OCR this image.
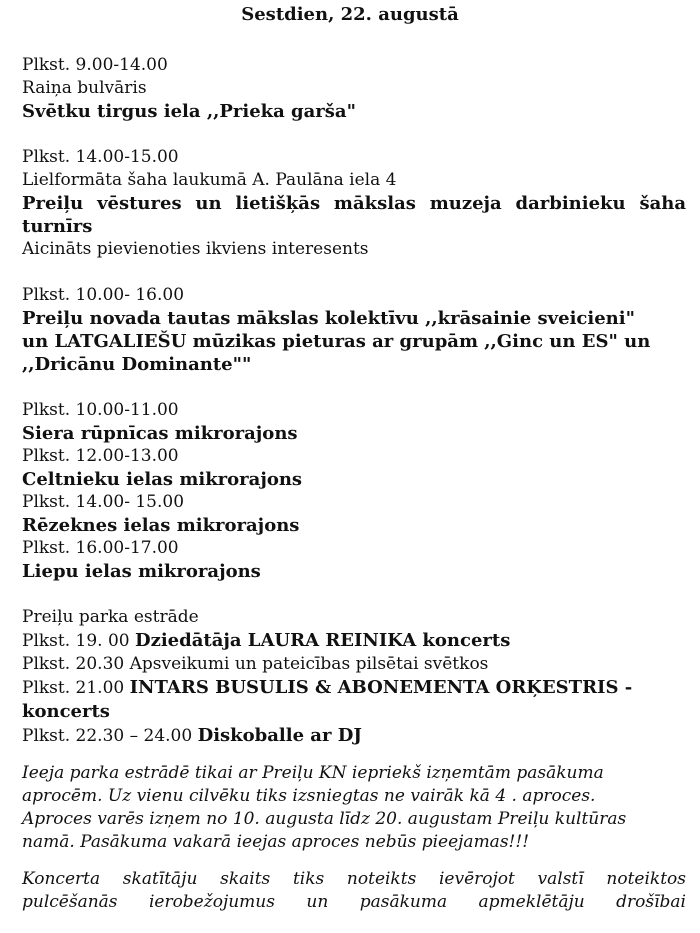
Sestdien, 22. augustā
Plkst. 9.00-14.00
Raiņa bulvāris
Svētku tirgus iela ,,Prieka garša"
Plkst. 14.00-15.00
Lielformāta šaha laukumā A. Paulāna iela 4
Preiļu vēstures un lietišķās mākslas muzeja darbinieku šaha
turnīrs
Aicināts pievienoties ikviens interesents
Plkst. 10.00- 16.00
Preiļu novada tautas mākslas kolektīvu ,,krāsainie sveicieni"
un LATGALIEŠU mūzikas pieturas ar grupām ,,Ginc un ES" un
,,Dricānu Dominante""
Plkst. 10.00-11.00
Siera rūpnīcas mikrorajons
Plkst. 12.00-13.00
Celtnieku ielas mikrorajons
Plkst. 14.00- 15.00
Rēzeknes ielas mikrorajons
Plkst. 16.00-17.00
Liepu ielas mikrorajons
Preiļu parka estrāde
Plkst. 19. 00 Dziedātāja LAURA REINIKA koncerts
Plkst. 20.30 Apsveikumi un pateicības pilsētai svētkos
Plkst. 21.00 INTARS BUSULIS & ABONEMENTA ORĶESTRIS -
koncerts
Plkst. 22.30 – 24.00 Diskoballe ar DJ
Ieeja parka estrādē tikai ar Preiļu KN iepriekš izņemtām pasākuma
aprocēm. Uz vienu cilvēku tiks izsniegtas ne vairāk kā 4 . aproces.
Aproces varēs izņem no 10. augusta līdz 20. augustam Preiļu kultūras
namā. Pasākuma vakarā ieejas aproces nebūs pieejamas!!!
Koncerta skatītāju skaits tiks noteikts ievērojot valstī noteiktos
pulcēšanās ierobežojumus un pasākuma apmeklētāju drošībai
